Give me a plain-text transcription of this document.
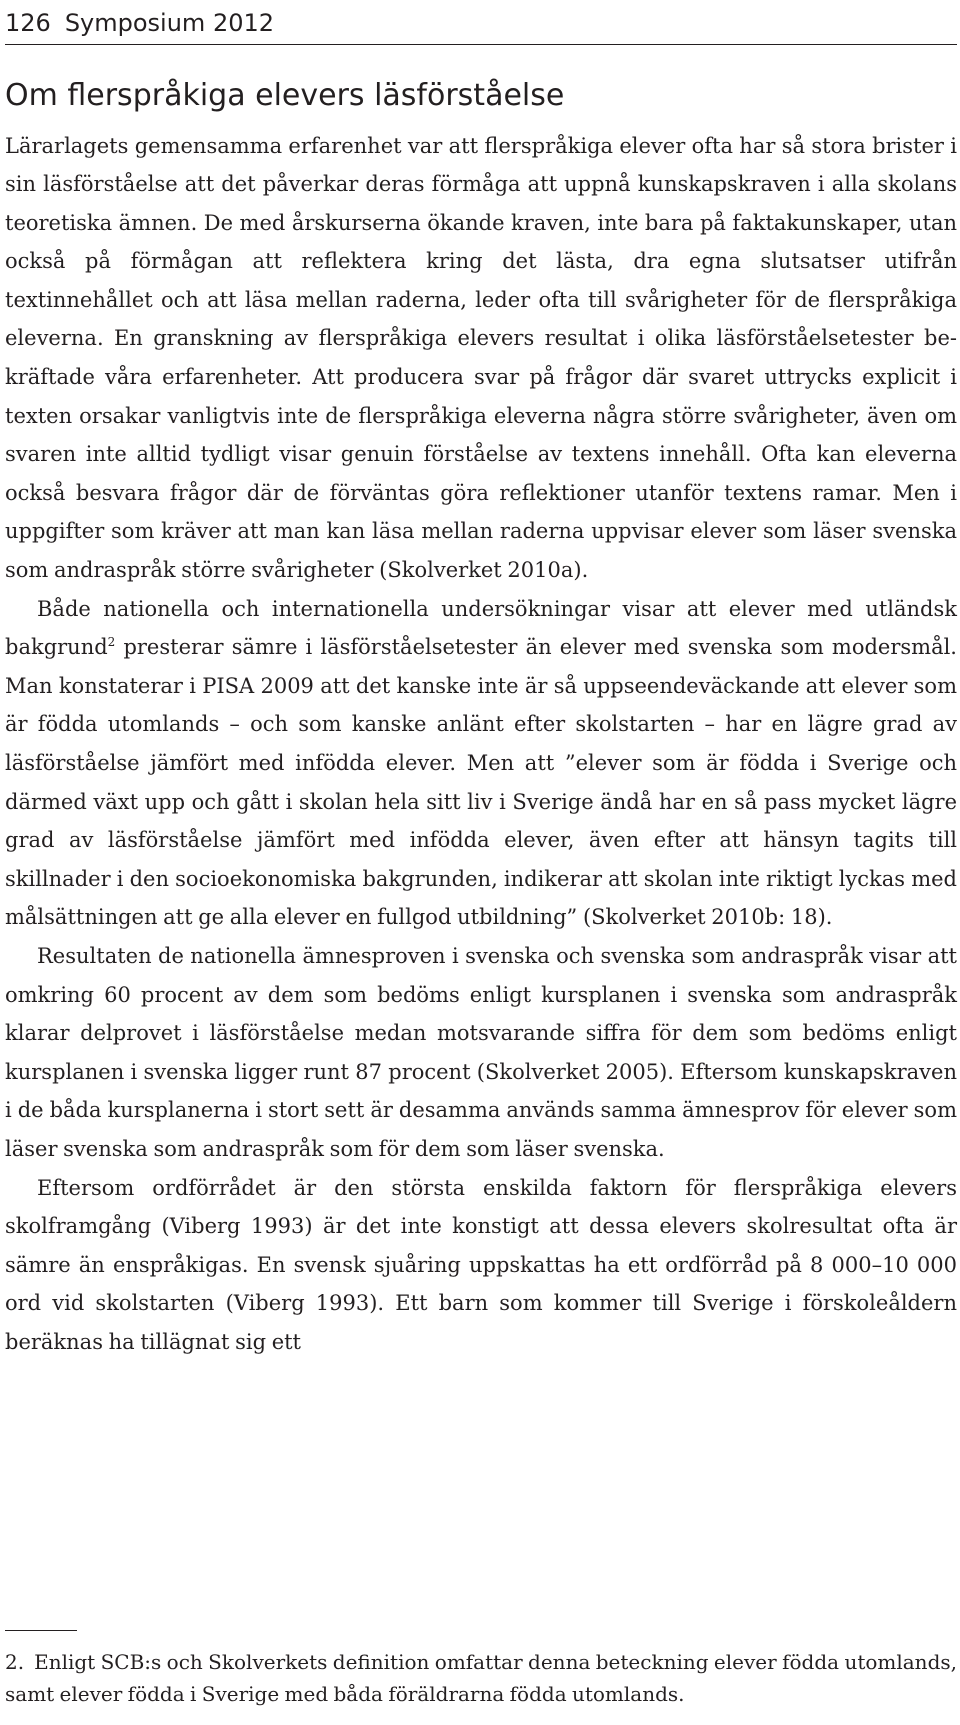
126 Symposium 2012
Om flerspråkiga elevers läsförståelse

Lärarlagets gemensamma erfarenhet var att flerspråkiga elever ofta har så stora brister i sin läsförståelse att det påverkar deras förmåga att uppnå kunskapskraven i alla skolans teoretiska ämnen. De med årskurserna ökande kraven, inte bara på faktakunskaper, utan också på förmågan att reflektera kring det lästa, dra egna slutsatser utifrån textinnehållet och att läsa mellan raderna, leder ofta till svårigheter för de flerspråkiga eleverna. En granskning av flerspråkiga elevers resultat i olika läsförståelsetester bekräftade våra erfarenheter. Att producera svar på frågor där svaret uttrycks explicit i texten orsakar vanligtvis inte de flerspråkiga eleverna några större svårigheter, även om svaren inte alltid tydligt visar genuin förståelse av textens innehåll. Ofta kan eleverna också besvara frågor där de förväntas göra reflektioner utanför textens ramar. Men i uppgifter som kräver att man kan läsa mellan raderna uppvisar elever som läser svenska som andraspråk större svårigheter (Skolverket 2010a).

Både nationella och internationella undersökningar visar att elever med utländsk bakgrund$^2$ presterar sämre i läsförståelsetester än elever med svenska som modersmål. Man konstaterar i PISA 2009 att det kanske inte är så uppseendeväckande att elever som är födda utomlands – och som kanske anlänt efter skolstarten – har en lägre grad av läsförståelse jämfört med infödda elever. Men att ”elever som är födda i Sverige och därmed växt upp och gått i skolan hela sitt liv i Sverige ändå har en så pass mycket lägre grad av läsförståelse jämfört med infödda elever, även efter att hänsyn tagits till skillnader i den socioekonomiska bakgrunden, indikerar att skolan inte riktigt lyckas med målsättningen att ge alla elever en fullgod utbildning” (Skolverket 2010b: 18).

Resultaten de nationella ämnesproven i svenska och svenska som andraspråk visar att omkring 60 procent av dem som bedöms enligt kursplanen i svenska som andraspråk klarar delprovet i läsförståelse medan motsvarande siffra för dem som bedöms enligt kursplanen i svenska ligger runt 87 procent (Skolverket 2005). Eftersom kunskapskraven i de båda kursplanerna i stort sett är desamma används samma ämnesprov för elever som läser svenska som andraspråk som för dem som läser svenska.

Eftersom ordförrådet är den största enskilda faktorn för flerspråkiga elevers skolframgång (Viberg 1993) är det inte konstigt att dessa elevers skolresultat ofta är sämre än enspråkigas. En svensk sjuåring uppskattas ha ett ordförråd på 8 000–10 000 ord vid skolstarten (Viberg 1993). Ett barn som kommer till Sverige i förskoleåldern beräknas ha tillägnat sig ett

2. Enligt SCB:s och Skolverkets definition omfattar denna beteckning elever födda utomlands, samt elever födda i Sverige med båda föräldrarna födda utomlands.
